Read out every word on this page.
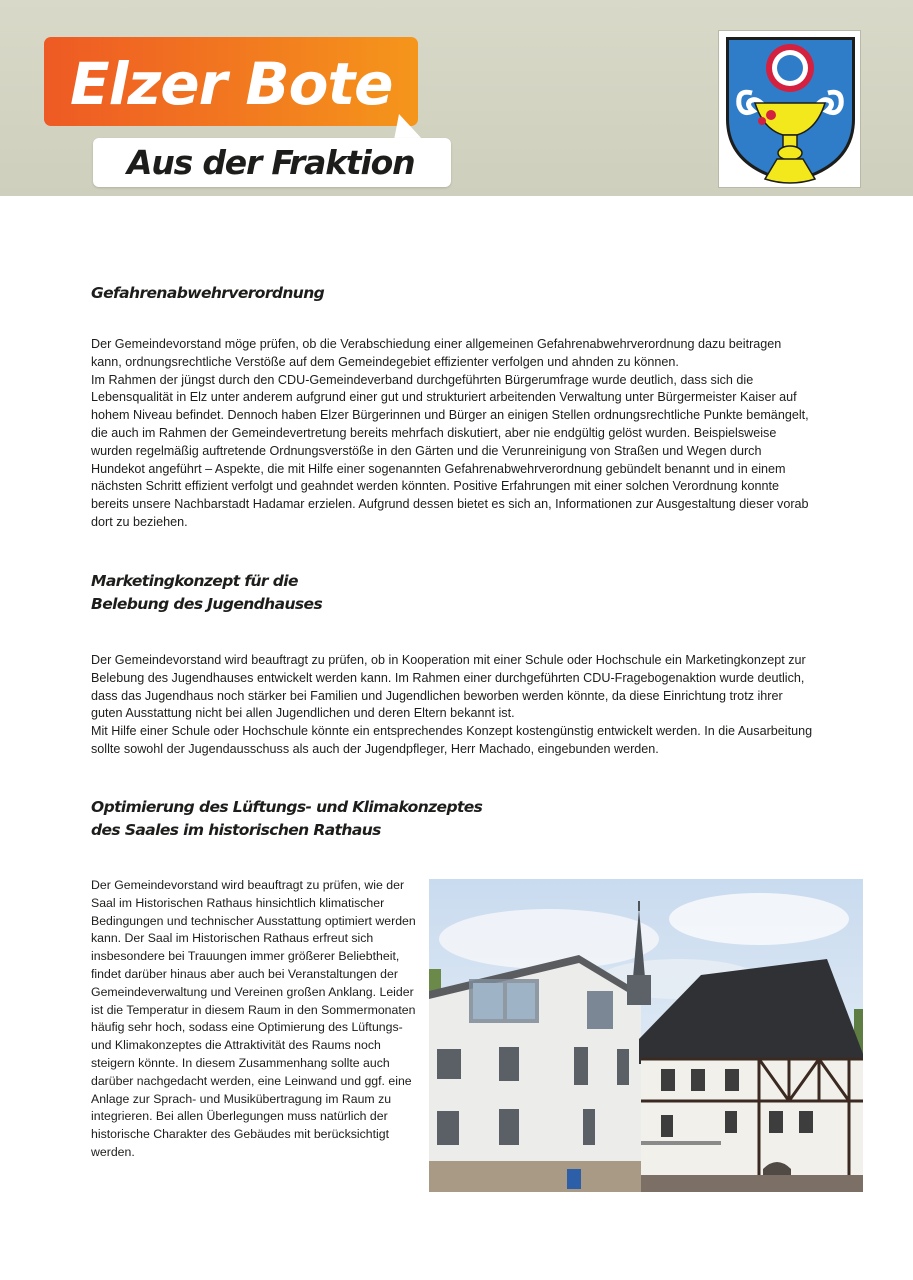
Elzer Bote
Aus der Fraktion
Gefahrenabwehrverordnung
Der Gemeindevorstand möge prüfen, ob die Verabschiedung einer allgemeinen Gefahrenabwehrverordnung dazu beitragen kann, ordnungsrechtliche Verstöße auf dem Gemeindegebiet effizienter verfolgen und ahnden zu können.
Im Rahmen der jüngst durch den CDU-Gemeindeverband durchgeführten Bürgerumfrage wurde deutlich, dass sich die Lebensqualität in Elz unter anderem aufgrund einer gut und strukturiert arbeitenden Verwaltung unter Bürgermeister Kaiser auf hohem Niveau befindet. Dennoch haben Elzer Bürgerinnen und Bürger an einigen Stellen ordnungsrechtliche Punkte bemängelt, die auch im Rahmen der Gemeindevertretung bereits mehrfach diskutiert, aber nie endgültig gelöst wurden. Beispielsweise wurden regelmäßig auftretende Ordnungsverstöße in den Gärten und die Verunreinigung von Straßen und Wegen durch Hundekot angeführt – Aspekte, die mit Hilfe einer sogenannten Gefahrenabwehrverordnung gebündelt benannt und in einem nächsten Schritt effizient verfolgt und geahndet werden könnten. Positive Erfahrungen mit einer solchen Verordnung konnte bereits unsere Nachbarstadt Hadamar erzielen. Aufgrund dessen bietet es sich an, Informationen zur Ausgestaltung dieser vorab dort zu beziehen.
Marketingkonzept für die
Belebung des Jugendhauses
Der Gemeindevorstand wird beauftragt zu prüfen, ob in Kooperation mit einer Schule oder Hochschule ein Marketingkonzept zur Belebung des Jugendhauses entwickelt werden kann. Im Rahmen einer durchgeführten CDU-Fragebogenaktion wurde deutlich, dass das Jugendhaus noch stärker bei Familien und Jugendlichen beworben werden könnte, da diese Einrichtung trotz ihrer guten Ausstattung nicht bei allen Jugendlichen und deren Eltern bekannt ist.
Mit Hilfe einer Schule oder Hochschule könnte ein entsprechendes Konzept kostengünstig entwickelt werden. In die Ausarbeitung sollte sowohl der Jugendausschuss als auch der Jugendpfleger, Herr Machado, eingebunden werden.
Optimierung des Lüftungs- und Klimakonzeptes
des Saales im historischen Rathaus
Der Gemeindevorstand wird beauftragt zu prüfen, wie der Saal im Historischen Rathaus hinsichtlich klimatischer Bedingungen und technischer Ausstattung optimiert werden kann. Der Saal im Historischen Rathaus erfreut sich insbesondere bei Trauungen immer größerer Beliebtheit, findet darüber hinaus aber auch bei Veranstaltungen der Gemeindeverwaltung und Vereinen großen Anklang. Leider ist die Temperatur in diesem Raum in den Sommermonaten häufig sehr hoch, sodass eine Optimierung des Lüftungs- und Klimakonzeptes die Attraktivität des Raums noch steigern könnte. In diesem Zusammenhang sollte auch darüber nachgedacht werden, eine Leinwand und ggf. eine Anlage zur Sprach- und Musikübertragung im Raum zu integrieren. Bei allen Überlegungen muss natürlich der historische Charakter des Gebäudes mit berücksichtigt werden.
